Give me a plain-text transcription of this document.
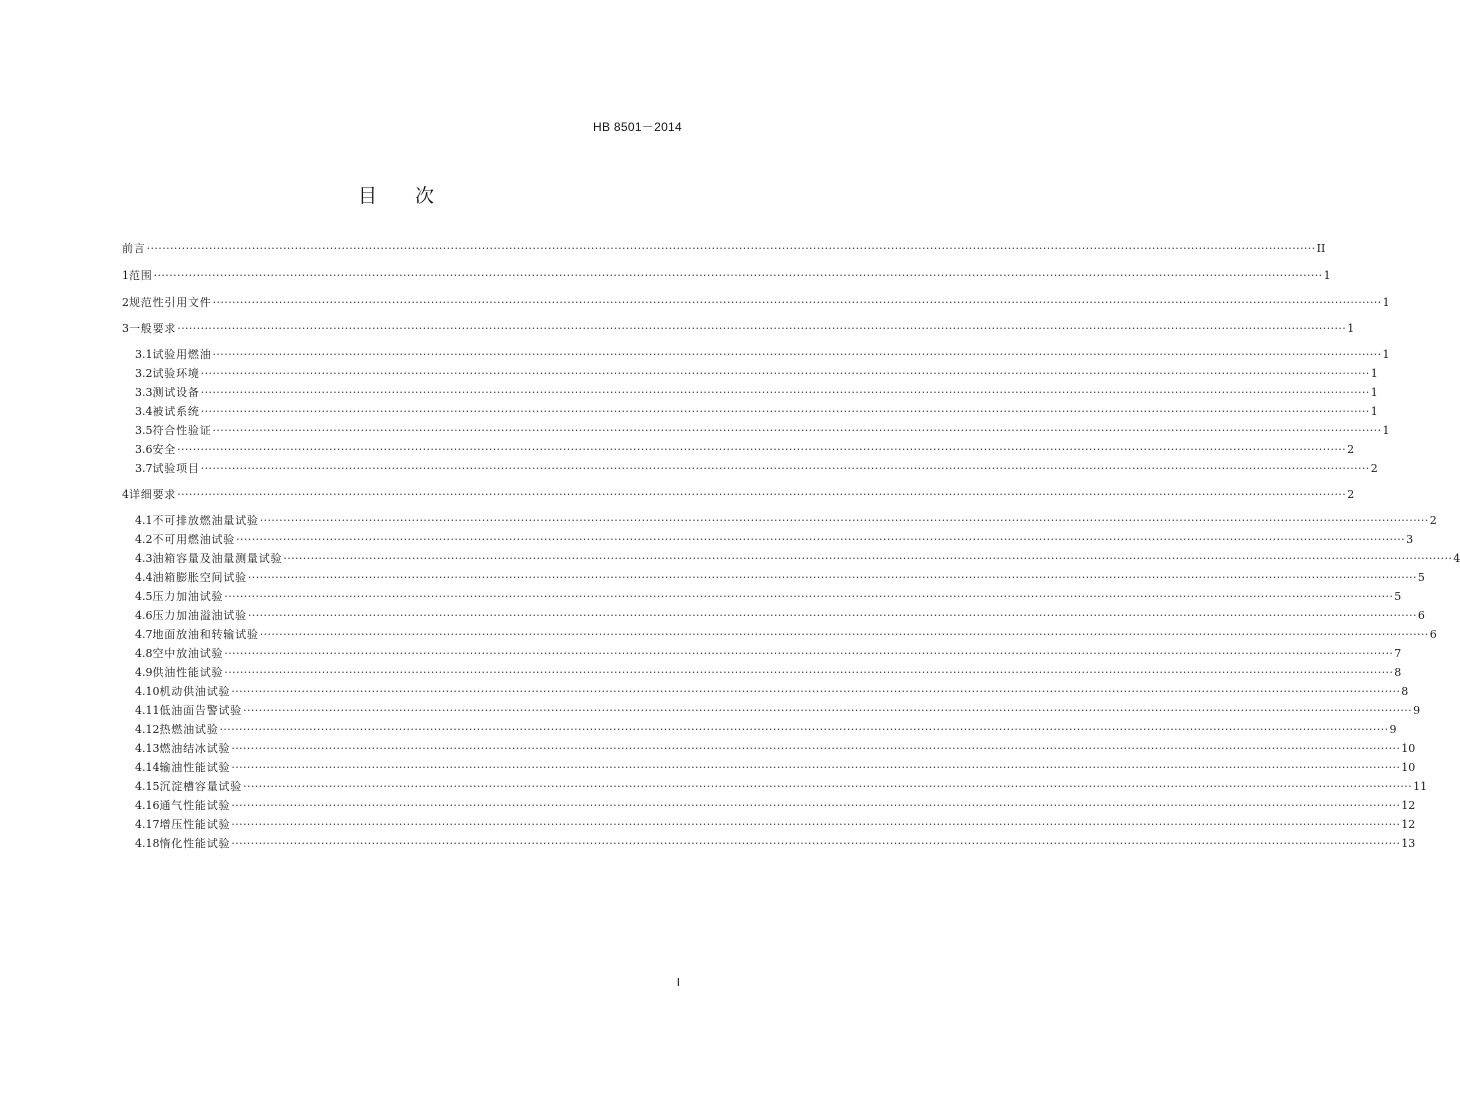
HB 8501－2014
目次
前言 ············································································································································································································································································································ II
1 范围 ············································································································································································································································································································ 1
2 规范性引用文件 ············································································································································································································································································································ 1
3 一般要求 ············································································································································································································································································································ 1
3.1 试验用燃油 ············································································································································································································································································································ 1
3.2 试验环境 ············································································································································································································································································································ 1
3.3 测试设备 ············································································································································································································································································································ 1
3.4 被试系统 ············································································································································································································································································································ 1
3.5 符合性验证 ············································································································································································································································································································ 1
3.6 安全 ············································································································································································································································································································ 2
3.7 试验项目 ············································································································································································································································································································ 2
4 详细要求 ············································································································································································································································································································ 2
4.1 不可排放燃油量试验 ············································································································································································································································································································ 2
4.2 不可用燃油试验 ············································································································································································································································································································ 3
4.3 油箱容量及油量测量试验 ············································································································································································································································································································ 4
4.4 油箱膨胀空间试验 ············································································································································································································································································································ 5
4.5 压力加油试验 ············································································································································································································································································································ 5
4.6 压力加油溢油试验 ············································································································································································································································································································ 6
4.7 地面放油和转输试验 ············································································································································································································································································································ 6
4.8 空中放油试验 ············································································································································································································································································································ 7
4.9 供油性能试验 ············································································································································································································································································································ 8
4.10 机动供油试验 ············································································································································································································································································································ 8
4.11 低油面告警试验 ············································································································································································································································································································ 9
4.12 热燃油试验 ············································································································································································································································································································ 9
4.13 燃油结冰试验 ············································································································································································································································································································ 10
4.14 输油性能试验 ············································································································································································································································································································ 10
4.15 沉淀槽容量试验 ············································································································································································································································································································ 11
4.16 通气性能试验 ············································································································································································································································································································ 12
4.17 增压性能试验 ············································································································································································································································································································ 12
4.18 惰化性能试验 ············································································································································································································································································································ 13
I
